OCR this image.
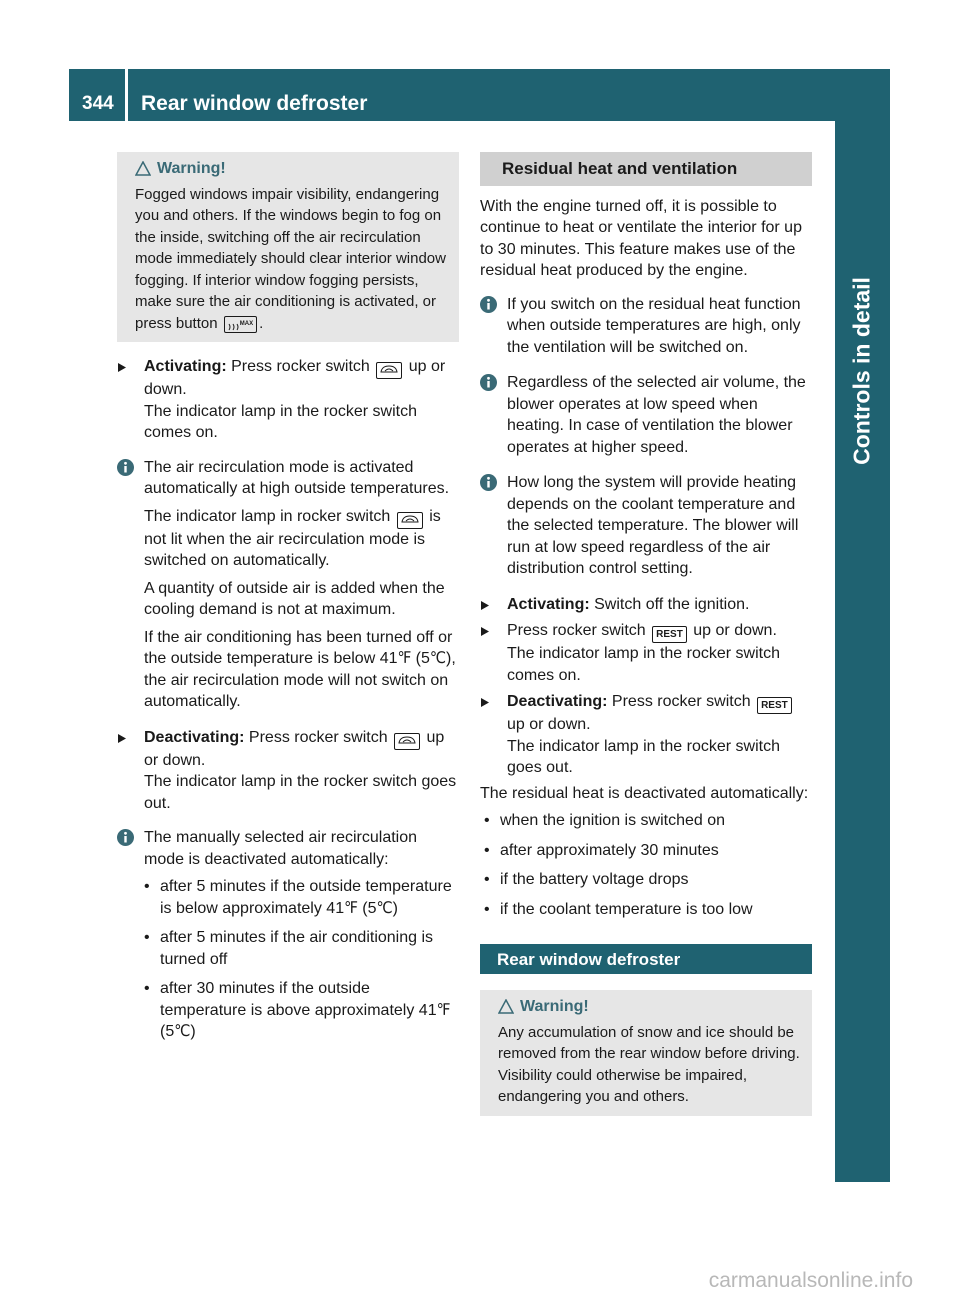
344	Rear window defroster
Controls in detail
Warning!
Fogged windows impair visibility, endangering you and others. If the windows begin to fog on the inside, switching off the air recirculation mode immediately should clear interior window fogging. If interior window fogging persists, make sure the air conditioning is activated, or press button	$^{MAX}$ .
Activating: Press rocker switch up or down.
The indicator lamp in the rocker switch comes on.

The air recirculation mode is activated automatically at high outside temperatures.

The indicator lamp in rocker switch is not lit when the air recirculation mode is switched on automatically.

A quantity of outside air is added when the cooling demand is not at maximum.

If the air conditioning has been turned off or the outside temperature is below 41℉ (5℃), the air recirculation mode will not switch on automatically.

Deactivating: Press rocker switch up or down.
The indicator lamp in the rocker switch goes out.

The manually selected air recirculation mode is deactivated automatically:

• after 5 minutes if the outside temperature is below approximately 41℉ (5℃)
• after 5 minutes if the air conditioning is turned off
• after 30 minutes if the outside temperature is above approximately 41℉ (5℃)
Residual heat and ventilation
With the engine turned off, it is possible to continue to heat or ventilate the interior for up to 30 minutes. This feature makes use of the residual heat produced by the engine.

If you switch on the residual heat function when outside temperatures are high, only the ventilation will be switched on.

Regardless of the selected air volume, the blower operates at low speed when heating. In case of ventilation the blower operates at higher speed.

How long the system will provide heating depends on the coolant temperature and the selected temperature. The blower will run at low speed regardless of the air distribution control setting.

Activating: Switch off the ignition.
Press rocker switch REST up or down.
The indicator lamp in the rocker switch comes on.
Deactivating: Press rocker switch REST up or down.
The indicator lamp in the rocker switch goes out.
The residual heat is deactivated automatically:
• when the ignition is switched on
• after approximately 30 minutes
• if the battery voltage drops
• if the coolant temperature is too low
Rear window defroster
Warning!
Any accumulation of snow and ice should be removed from the rear window before driving. Visibility could otherwise be impaired, endangering you and others.
carmanualsonline.info
